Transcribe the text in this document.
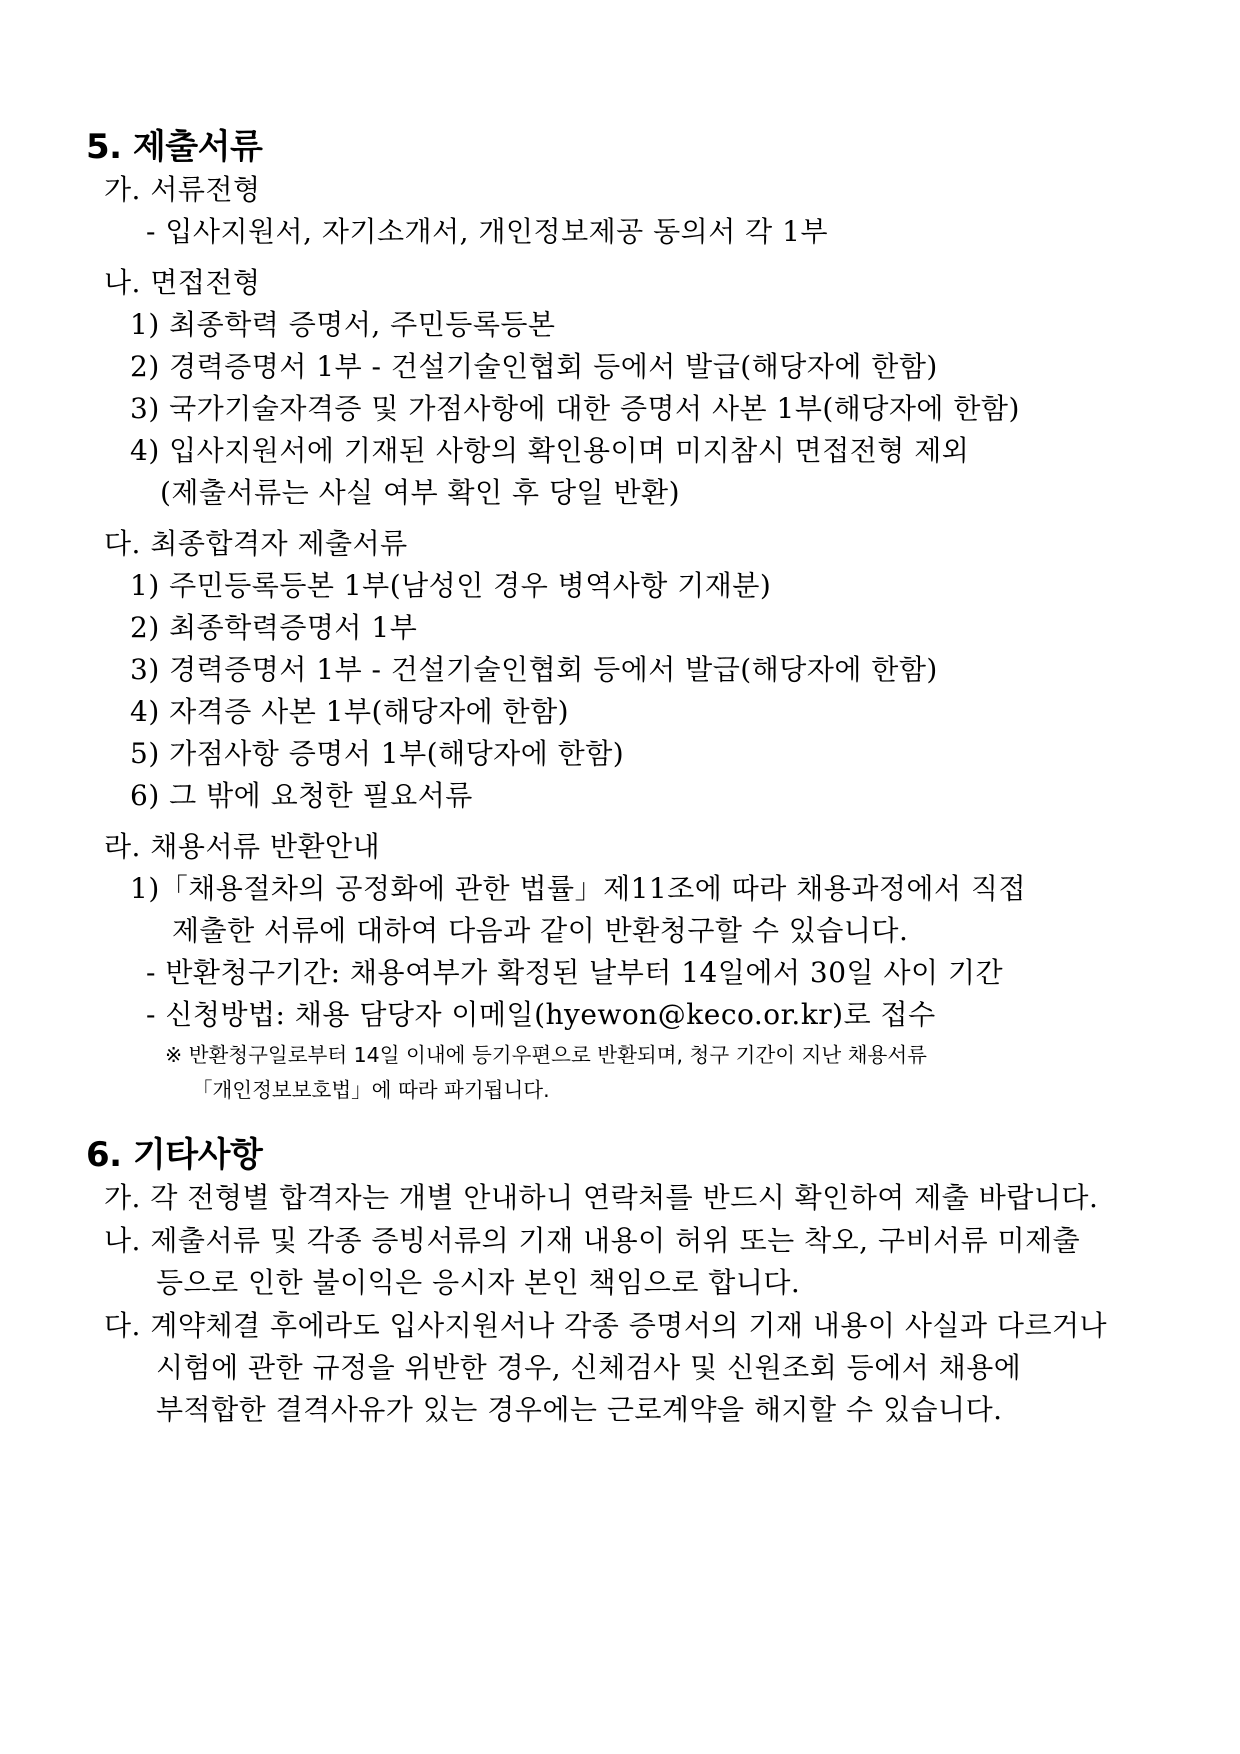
5. 제출서류
가. 서류전형
- 입사지원서, 자기소개서, 개인정보제공 동의서 각 1부
나. 면접전형
1) 최종학력 증명서, 주민등록등본
2) 경력증명서 1부 - 건설기술인협회 등에서 발급(해당자에 한함)
3) 국가기술자격증 및 가점사항에 대한 증명서 사본 1부(해당자에 한함)
4) 입사지원서에 기재된 사항의 확인용이며 미지참시 면접전형 제외
(제출서류는 사실 여부 확인 후 당일 반환)
다. 최종합격자 제출서류
1) 주민등록등본 1부(남성인 경우 병역사항 기재분)
2) 최종학력증명서 1부
3) 경력증명서 1부 - 건설기술인협회 등에서 발급(해당자에 한함)
4) 자격증 사본 1부(해당자에 한함)
5) 가점사항 증명서 1부(해당자에 한함)
6) 그 밖에 요청한 필요서류
라. 채용서류 반환안내
1)「채용절차의 공정화에 관한 법률」제11조에 따라 채용과정에서 직접
제출한 서류에 대하여 다음과 같이 반환청구할 수 있습니다.
- 반환청구기간: 채용여부가 확정된 날부터 14일에서 30일 사이 기간
- 신청방법: 채용 담당자 이메일(hyewon@keco.or.kr)로 접수
※ 반환청구일로부터 14일 이내에 등기우편으로 반환되며, 청구 기간이 지난 채용서류
「개인정보보호법」에 따라 파기됩니다.
6. 기타사항
가. 각 전형별 합격자는 개별 안내하니 연락처를 반드시 확인하여 제출 바랍니다.
나. 제출서류 및 각종 증빙서류의 기재 내용이 허위 또는 착오, 구비서류 미제출
등으로 인한 불이익은 응시자 본인 책임으로 합니다.
다. 계약체결 후에라도 입사지원서나 각종 증명서의 기재 내용이 사실과 다르거나
시험에 관한 규정을 위반한 경우, 신체검사 및 신원조회 등에서 채용에
부적합한 결격사유가 있는 경우에는 근로계약을 해지할 수 있습니다.
